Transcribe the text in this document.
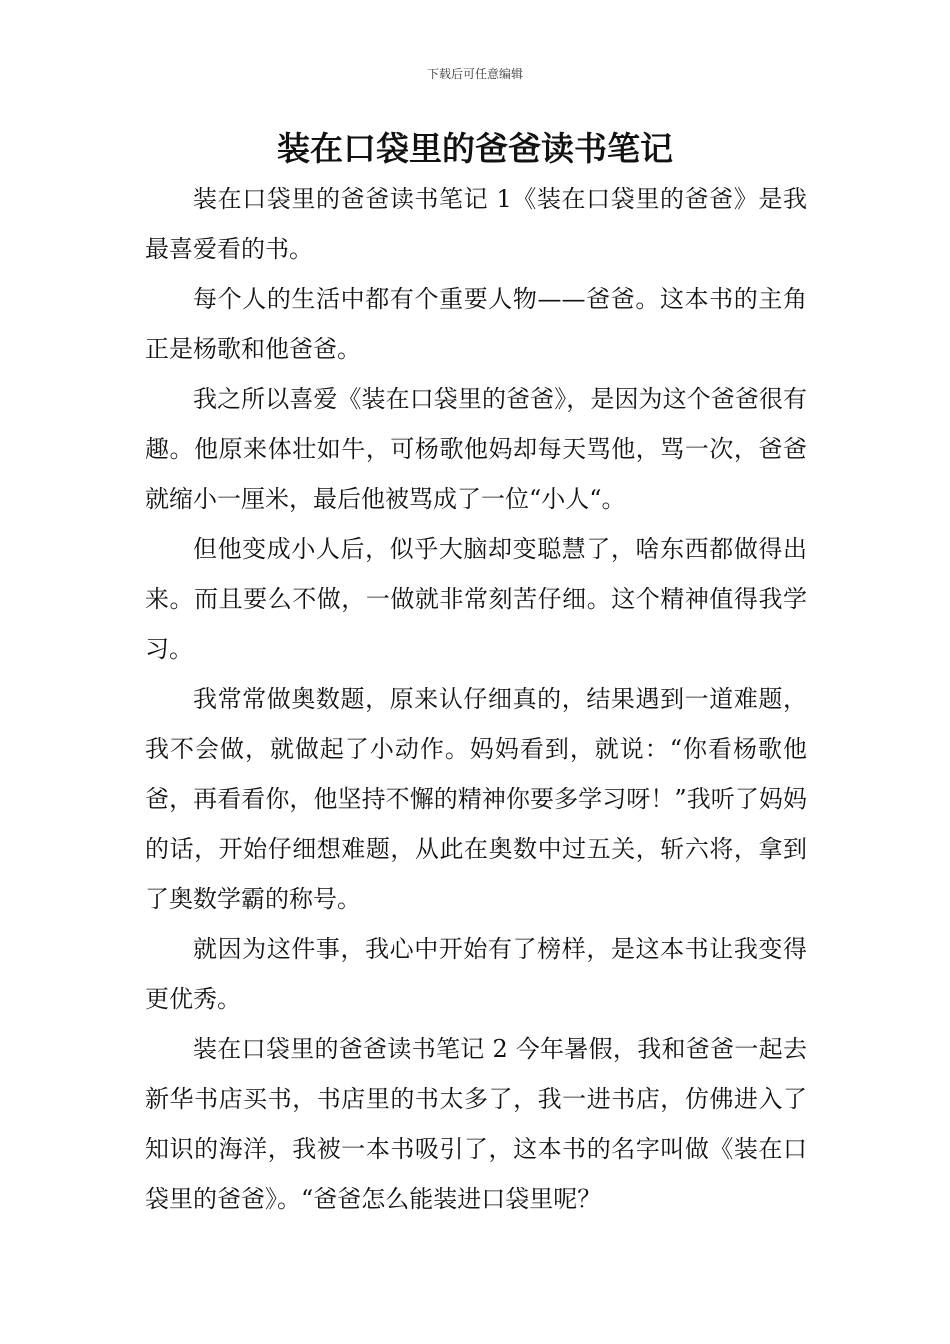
下载后可任意编辑
装在口袋里的爸爸读书笔记

装在口袋里的爸爸读书笔记 1《装在口袋里的爸爸》是我最喜爱看的书。

每个人的生活中都有个重要人物——爸爸。这本书的主角正是杨歌和他爸爸。

我之所以喜爱《装在口袋里的爸爸》，是因为这个爸爸很有趣。他原来体壮如牛，可杨歌他妈却每天骂他，骂一次，爸爸就缩小一厘米，最后他被骂成了一位“小人“。

但他变成小人后，似乎大脑却变聪慧了，啥东西都做得出来。而且要么不做，一做就非常刻苦仔细。这个精神值得我学习。

我常常做奥数题，原来认仔细真的，结果遇到一道难题，我不会做，就做起了小动作。妈妈看到，就说：“你看杨歌他爸，再看看你，他坚持不懈的精神你要多学习呀！”我听了妈妈的话，开始仔细想难题，从此在奥数中过五关，斩六将，拿到了奥数学霸的称号。

就因为这件事，我心中开始有了榜样，是这本书让我变得更优秀。

装在口袋里的爸爸读书笔记 2 今年暑假，我和爸爸一起去新华书店买书，书店里的书太多了，我一进书店，仿佛进入了知识的海洋，我被一本书吸引了，这本书的名字叫做《装在口袋里的爸爸》。“爸爸怎么能装进口袋里呢？
